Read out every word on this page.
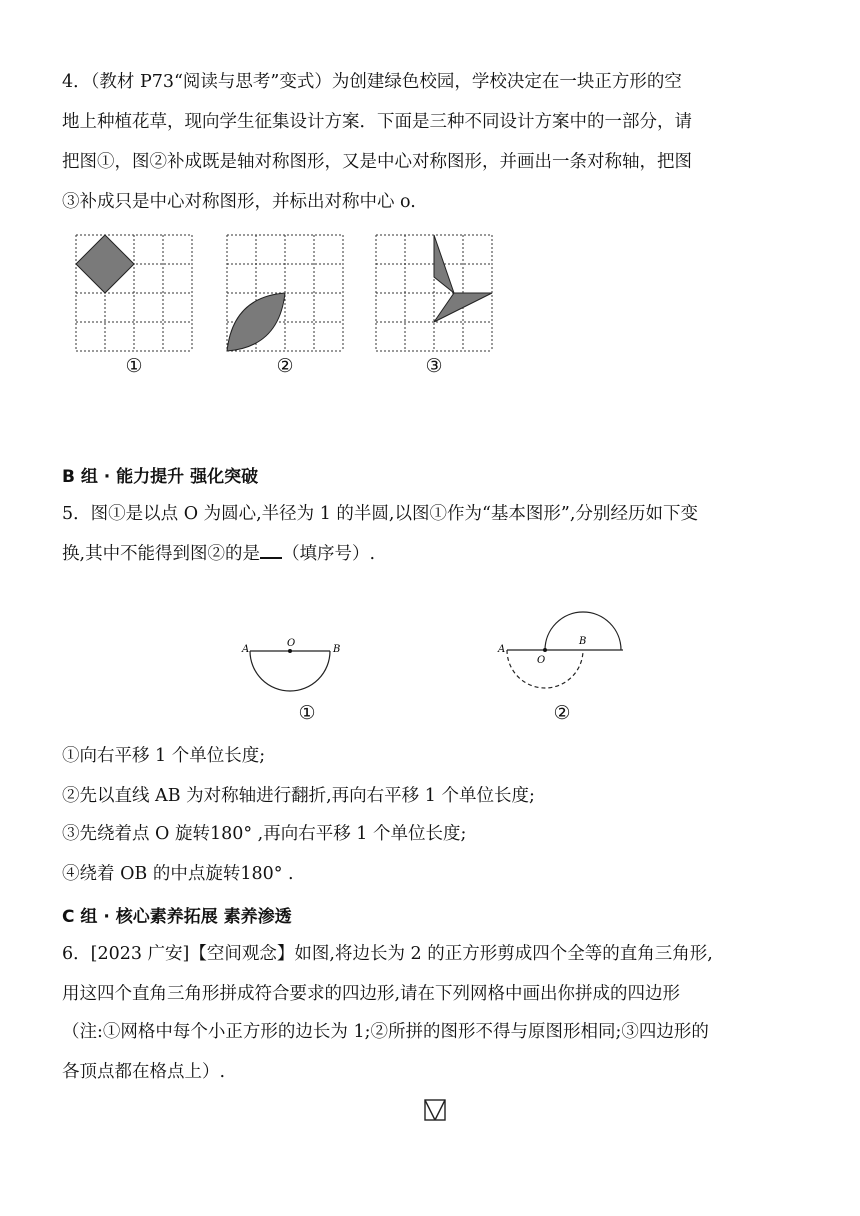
4．（教材 P73“阅读与思考”变式）为创建绿色校园，学校决定在一块正方形的空
地上种植花草，现向学生征集设计方案．下面是三种不同设计方案中的一部分，请
把图①，图②补成既是轴对称图形，又是中心对称图形，并画出一条对称轴，把图
③补成只是中心对称图形，并标出对称中心 o.
①	②	③
B 组 · 能力提升 强化突破
5．图①是以点 O 为圆心,半径为 1 的半圆,以图①作为“基本图形”,分别经历如下变
换,其中不能得到图②的是 （填序号）.
A
O
B
①
A
O
B
②
①向右平移 1 个单位长度;
②先以直线 AB 为对称轴进行翻折,再向右平移 1 个单位长度;
③先绕着点 O 旋转180° ,再向右平移 1 个单位长度;
④绕着 OB 的中点旋转180° .
C 组 · 核心素养拓展 素养渗透
6．[2023 广安]【空间观念】如图,将边长为 2 的正方形剪成四个全等的直角三角形,
用这四个直角三角形拼成符合要求的四边形,请在下列网格中画出你拼成的四边形
（注:①网格中每个小正方形的边长为 1;②所拼的图形不得与原图形相同;③四边形的
各顶点都在格点上）.
